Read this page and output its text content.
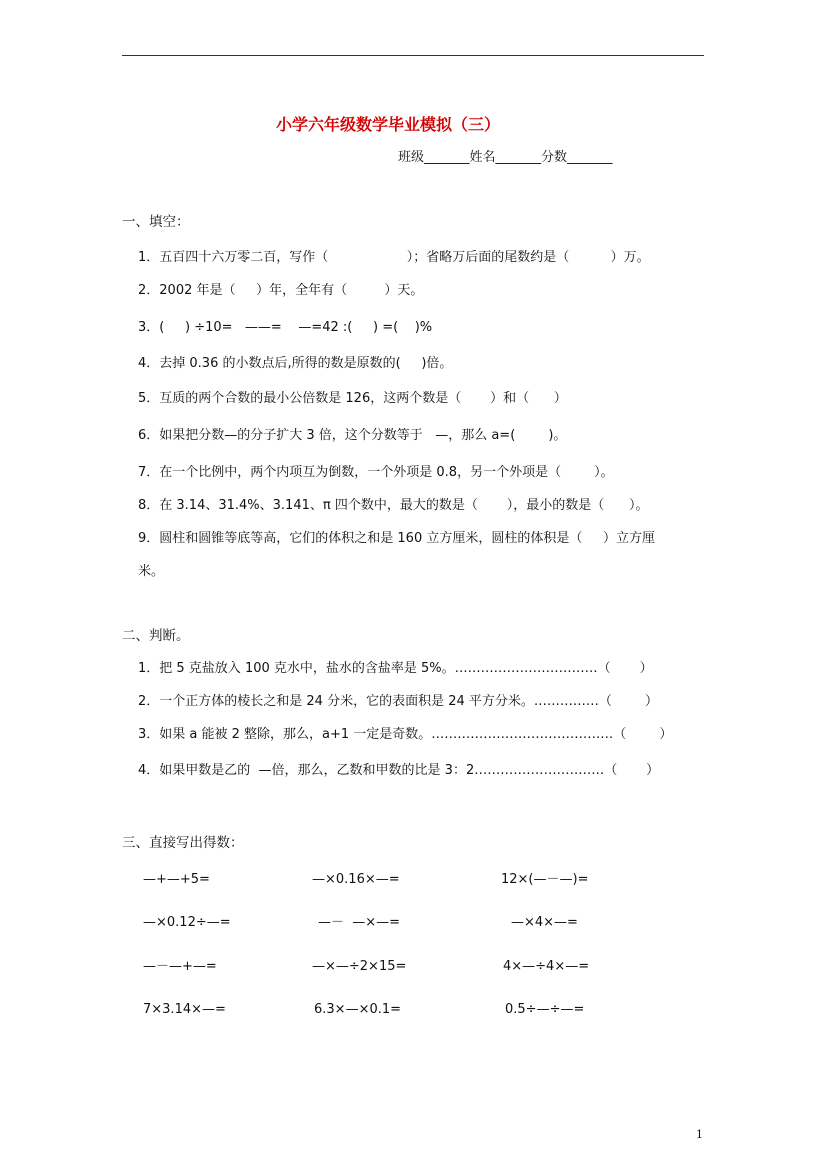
小学六年级数学毕业模拟（三）
班级_______姓名_______分数_______
一、填空：
1．五百四十六万零二百，写作（                   ）；省略万后面的尾数约是（          ）万。
2．2002 年是（     ）年，全年有（         ）天。
3．(     ) ÷10=   ——=    —=42 :(     ) =(    )%
4．去掉 0.36 的小数点后,所得的数是原数的(     )倍。
5．互质的两个合数的最小公倍数是 126，这两个数是（       ）和（      ）
6．如果把分数—的分子扩大 3 倍，这个分数等于   —，那么 a=(        )。
7．在一个比例中，两个内项互为倒数，一个外项是 0.8，另一个外项是（        ）。
8．在 3.14、31.4%、3.141、π 四个数中，最大的数是（       ），最小的数是（      ）。
9．圆柱和圆锥等底等高，它们的体积之和是 160 立方厘米，圆柱的体积是（     ）立方厘
米。
二、判断。
1．把 5 克盐放入 100 克水中，盐水的含盐率是 5%。……………………………（       ）
2．一个正方体的棱长之和是 24 分米，它的表面积是 24 平方分米。……………（        ）
3．如果 a 能被 2 整除，那么，a+1 一定是奇数。……………………………………（        ）
4．如果甲数是乙的  —倍，那么，乙数和甲数的比是 3：2…………………………（       ）
三、直接写出得数：
—+—+5=	—×0.16×—=	12×(—－—)=
—×0.12÷—=	—－  —×—=	—×4×—=
—－—+—=	—×—÷2×15=	4×—÷4×—=
7×3.14×—=	6.3×—×0.1=	0.5÷—÷—=
1
